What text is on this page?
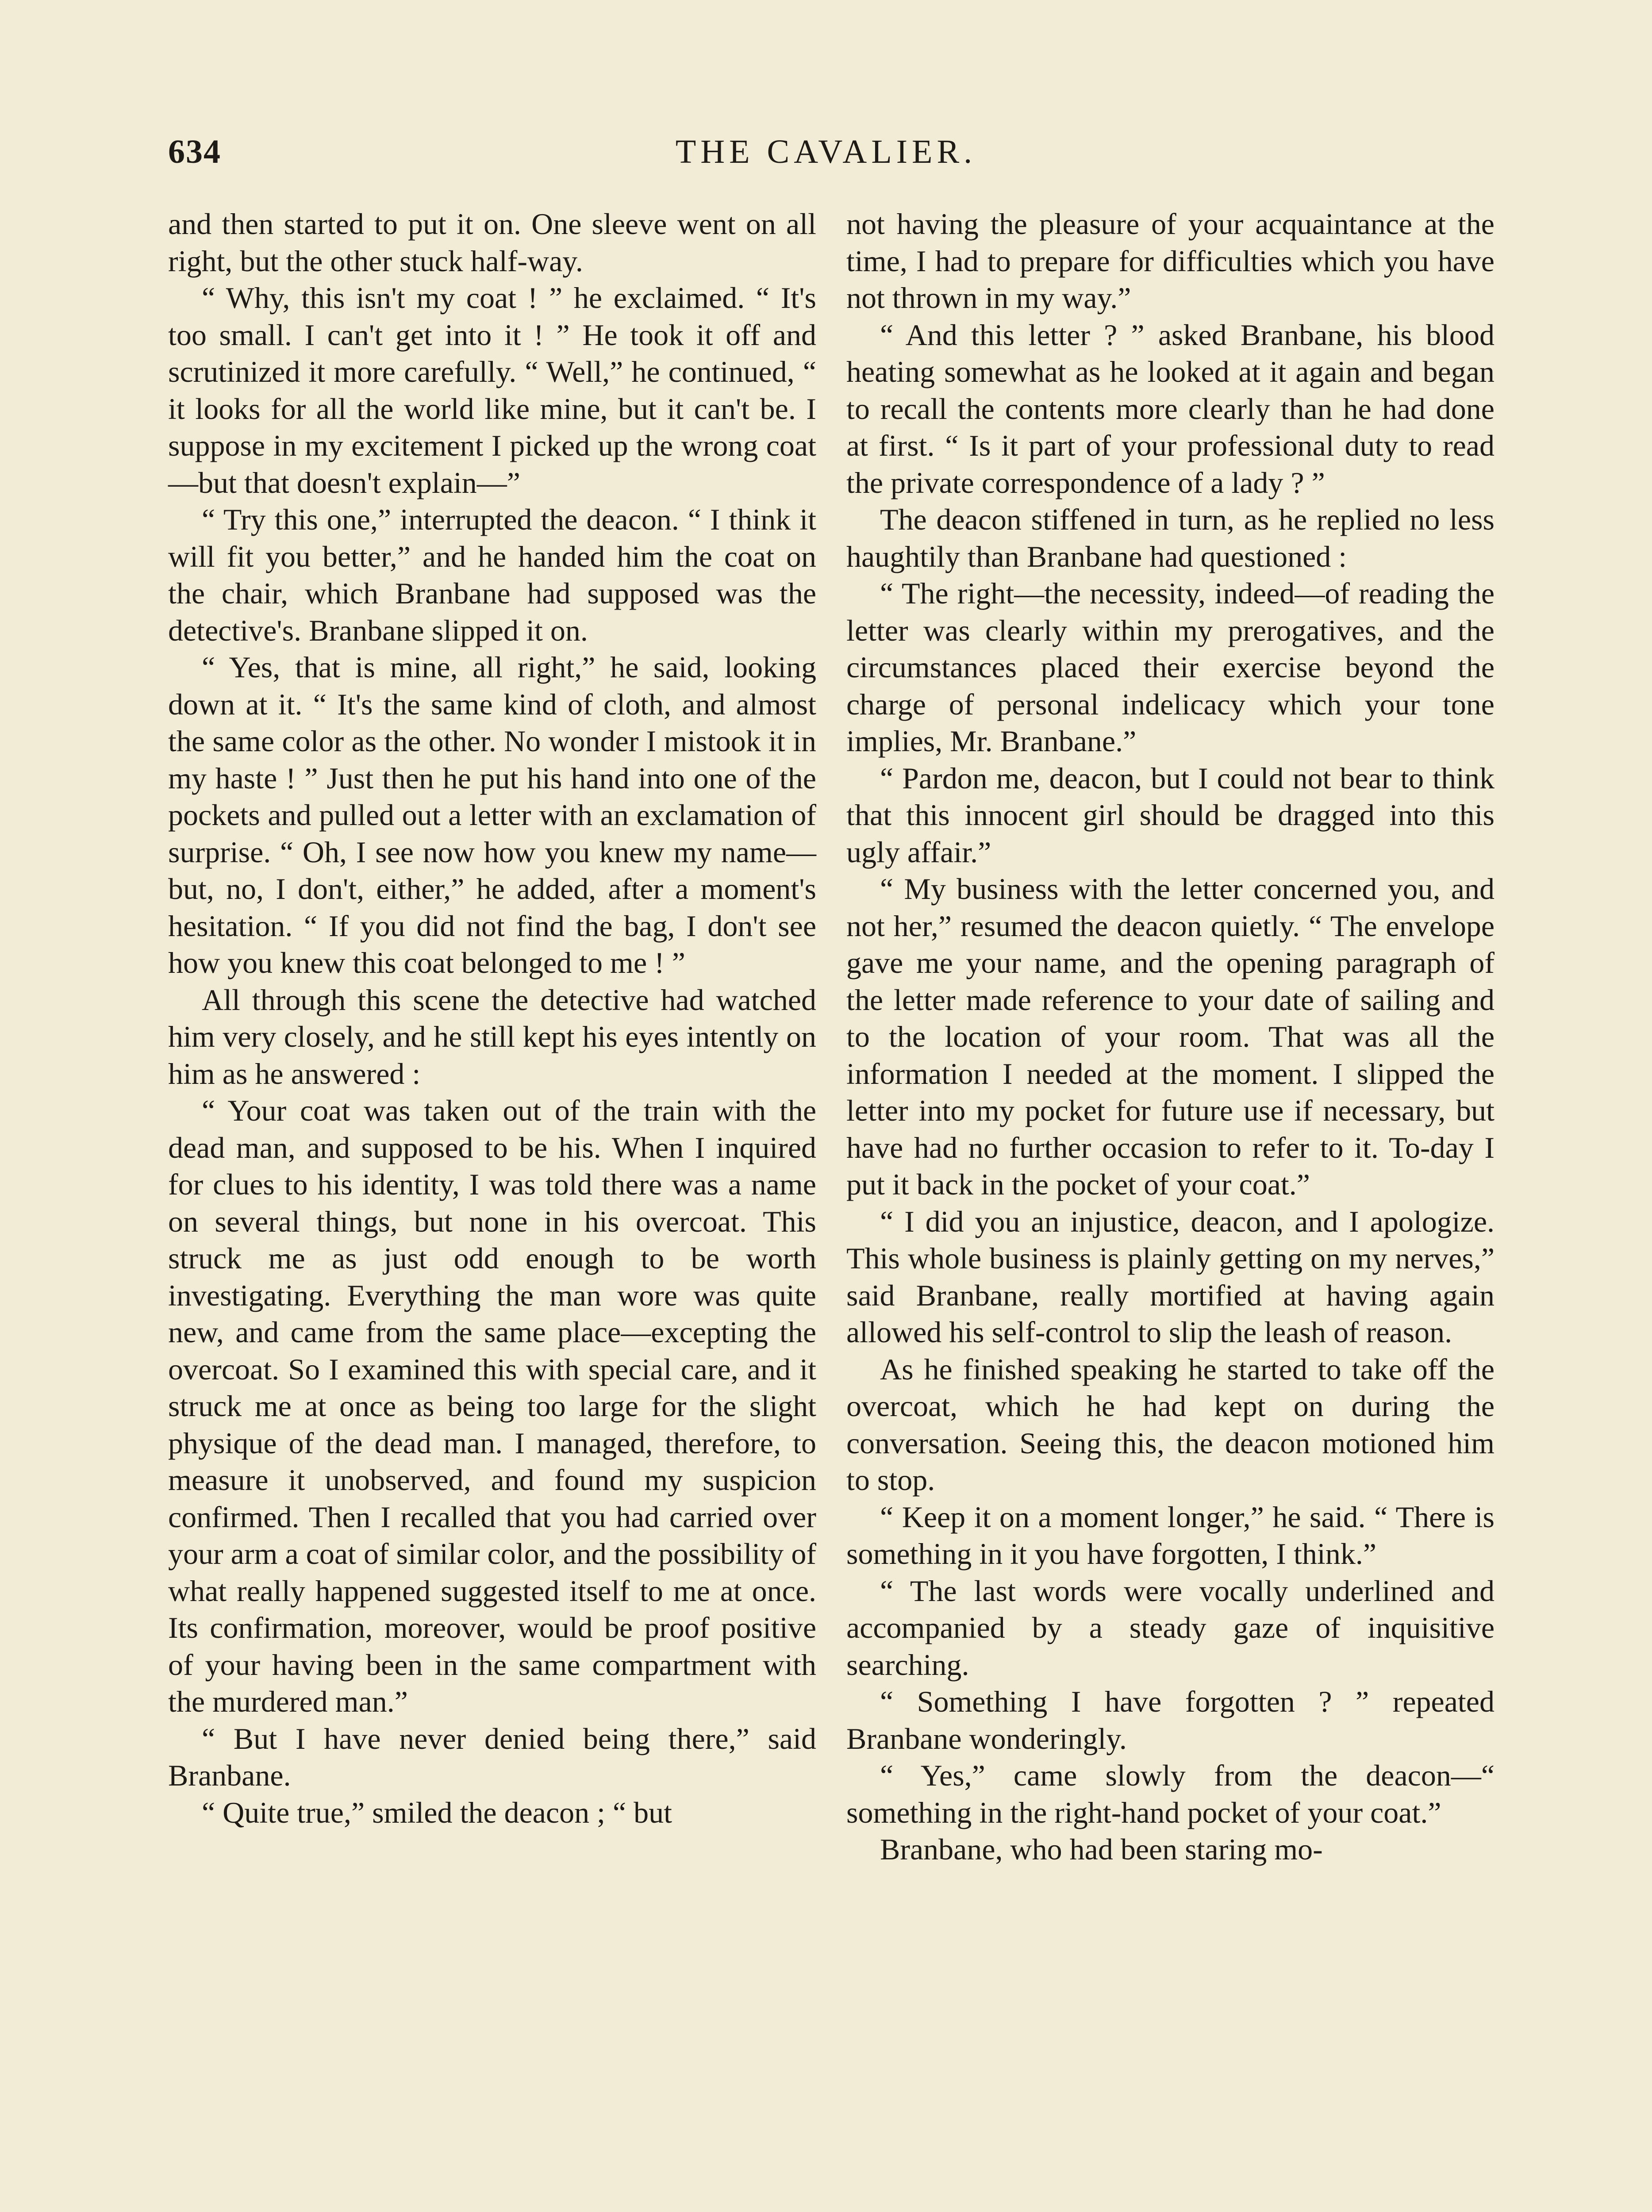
634	THE CAVALIER.

and then started to put it on. One sleeve went on all right, but the other stuck half-way.

“ Why, this isn't my coat ! ” he exclaimed. “ It's too small. I can't get into it ! ” He took it off and scrutinized it more carefully. “ Well,” he continued, “ it looks for all the world like mine, but it can't be. I suppose in my excitement I picked up the wrong coat—but that doesn't explain—”

“ Try this one,” interrupted the deacon. “ I think it will fit you better,” and he handed him the coat on the chair, which Branbane had supposed was the detective's. Branbane slipped it on.

“ Yes, that is mine, all right,” he said, looking down at it. “ It's the same kind of cloth, and almost the same color as the other. No wonder I mistook it in my haste ! ” Just then he put his hand into one of the pockets and pulled out a letter with an exclamation of surprise. “ Oh, I see now how you knew my name—but, no, I don't, either,” he added, after a moment's hesitation. “ If you did not find the bag, I don't see how you knew this coat belonged to me ! ”

All through this scene the detective had watched him very closely, and he still kept his eyes intently on him as he answered :

“ Your coat was taken out of the train with the dead man, and supposed to be his. When I inquired for clues to his identity, I was told there was a name on several things, but none in his overcoat. This struck me as just odd enough to be worth investigating. Everything the man wore was quite new, and came from the same place—excepting the overcoat. So I examined this with special care, and it struck me at once as being too large for the slight physique of the dead man. I managed, therefore, to measure it unobserved, and found my suspicion confirmed. Then I recalled that you had carried over your arm a coat of similar color, and the possibility of what really happened suggested itself to me at once. Its confirmation, moreover, would be proof positive of your having been in the same compartment with the murdered man.”

“ But I have never denied being there,” said Branbane.

“ Quite true,” smiled the deacon ; “ but

not having the pleasure of your acquaintance at the time, I had to prepare for difficulties which you have not thrown in my way.”

“ And this letter ? ” asked Branbane, his blood heating somewhat as he looked at it again and began to recall the contents more clearly than he had done at first. “ Is it part of your professional duty to read the private correspondence of a lady ? ”

The deacon stiffened in turn, as he replied no less haughtily than Branbane had questioned :

“ The right—the necessity, indeed—of reading the letter was clearly within my prerogatives, and the circumstances placed their exercise beyond the charge of personal indelicacy which your tone implies, Mr. Branbane.”

“ Pardon me, deacon, but I could not bear to think that this innocent girl should be dragged into this ugly affair.”

“ My business with the letter concerned you, and not her,” resumed the deacon quietly. “ The envelope gave me your name, and the opening paragraph of the letter made reference to your date of sailing and to the location of your room. That was all the information I needed at the moment. I slipped the letter into my pocket for future use if necessary, but have had no further occasion to refer to it. To-day I put it back in the pocket of your coat.”

“ I did you an injustice, deacon, and I apologize. This whole business is plainly getting on my nerves,” said Branbane, really mortified at having again allowed his self-control to slip the leash of reason.

As he finished speaking he started to take off the overcoat, which he had kept on during the conversation. Seeing this, the deacon motioned him to stop.

“ Keep it on a moment longer,” he said. “ There is something in it you have forgotten, I think.”

“ The last words were vocally underlined and accompanied by a steady gaze of inquisitive searching.

“ Something I have forgotten ? ” repeated Branbane wonderingly.

“ Yes,” came slowly from the deacon—“ something in the right-hand pocket of your coat.”

Branbane, who had been staring mo-
